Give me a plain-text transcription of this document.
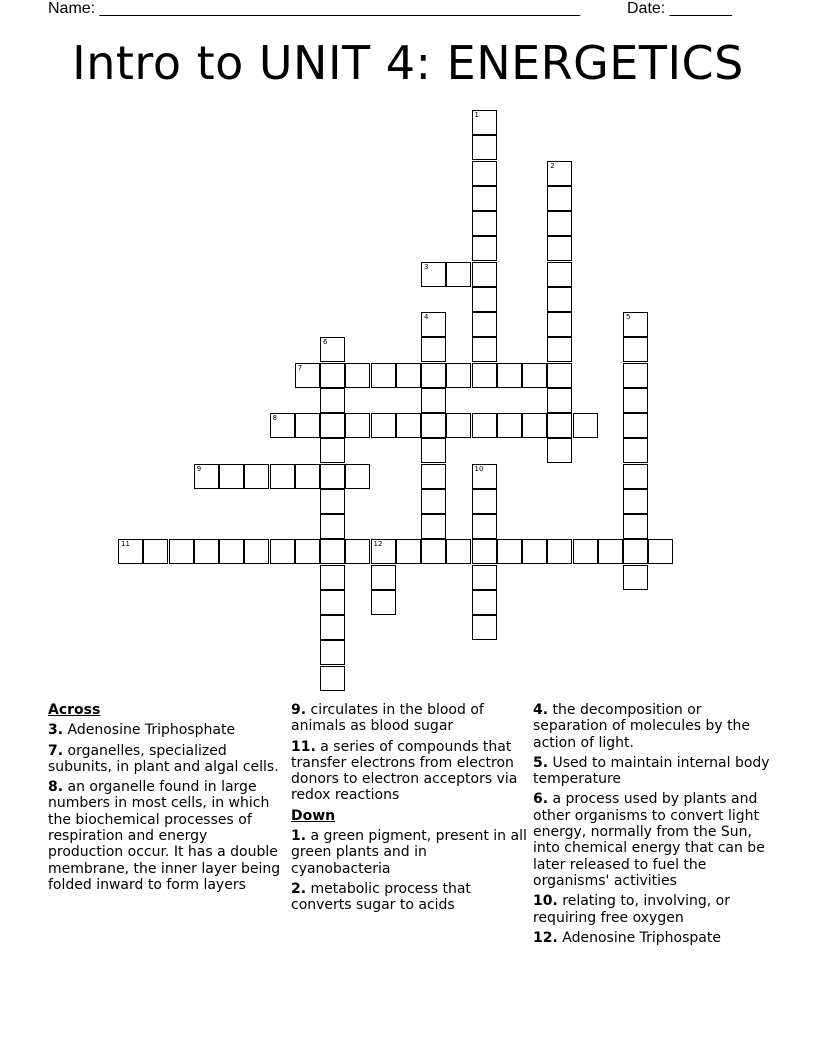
Name: ______________________________________________________	Date: _______
Intro to UNIT 4: ENERGETICS
1
2
3
4	5
6
7
8
9	10
11	12
Across
3. Adenosine Triphosphate
7. organelles, specialized subunits, in plant and algal cells.
8. an organelle found in large numbers in most cells, in which the biochemical processes of respiration and energy production occur. It has a double membrane, the inner layer being folded inward to form layers
9. circulates in the blood of animals as blood sugar
11. a series of compounds that transfer electrons from electron donors to electron acceptors via redox reactions
Down
1. a green pigment, present in all green plants and in cyanobacteria
2. metabolic process that converts sugar to acids
4. the decomposition or separation of molecules by the action of light.
5. Used to maintain internal body temperature
6. a process used by plants and other organisms to convert light energy, normally from the Sun, into chemical energy that can be later released to fuel the organisms' activities
10. relating to, involving, or requiring free oxygen
12. Adenosine Triphospate
